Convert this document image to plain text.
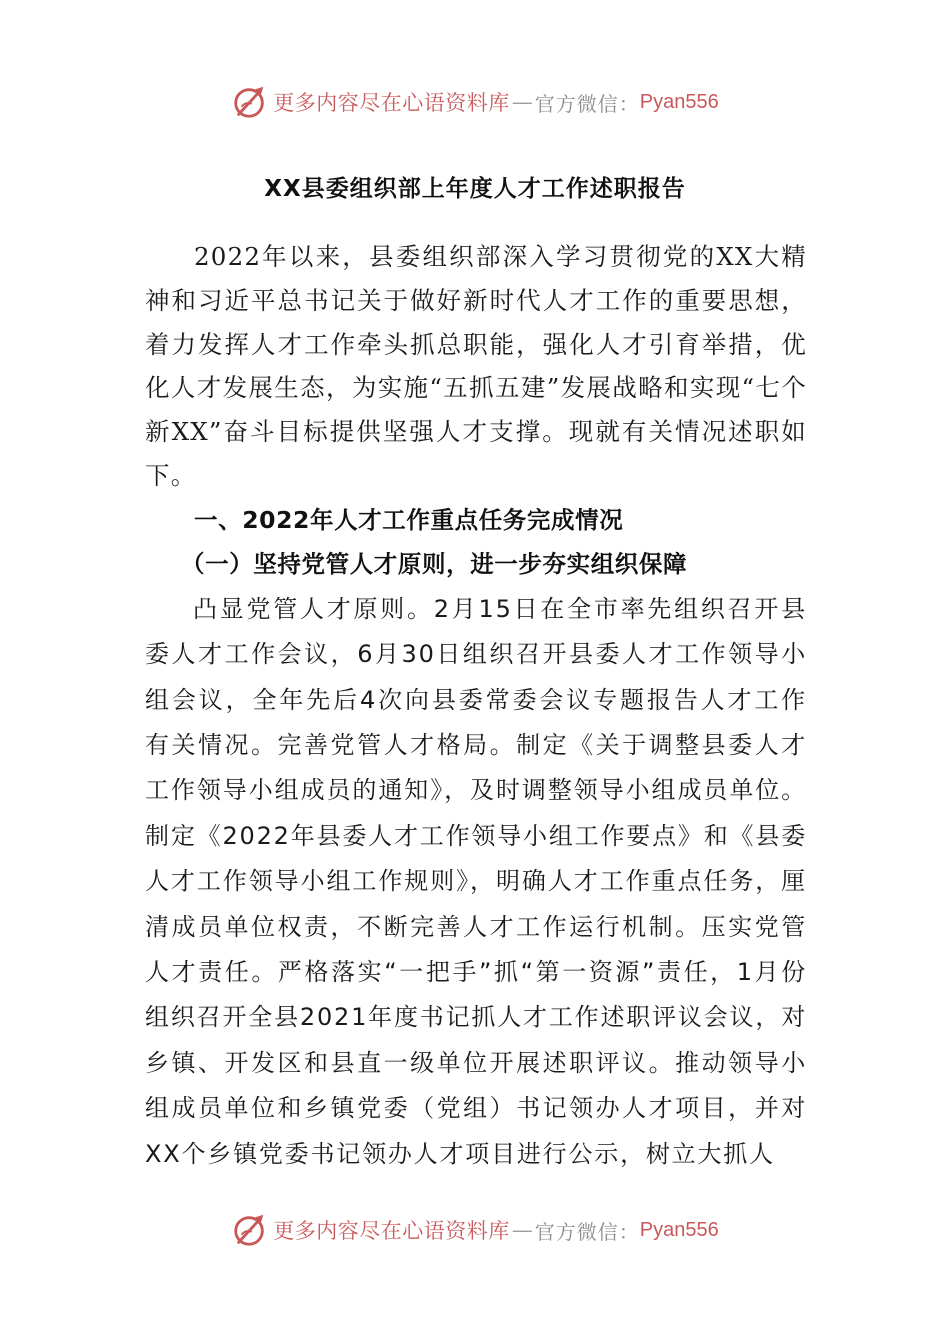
更多内容尽在心语资料库 — 官方微信： Pyan556
XX县委组织部上年度人才工作述职报告

2022年以来，县委组织部深入学习贯彻党的XX大精神和习近平总书记关于做好新时代人才工作的重要思想，着力发挥人才工作牵头抓总职能，强化人才引育举措，优化人才发展生态，为实施“五抓五建”发展战略和实现“七个新XX”奋斗目标提供坚强人才支撑。现就有关情况述职如下。

一、2022年人才工作重点任务完成情况
（一）坚持党管人才原则，进一步夯实组织保障

凸显党管人才原则。2月15日在全市率先组织召开县委人才工作会议，6月30日组织召开县委人才工作领导小组会议，全年先后4次向县委常委会议专题报告人才工作有关情况。完善党管人才格局。制定《关于调整县委人才工作领导小组成员的通知》，及时调整领导小组成员单位。制定《2022年县委人才工作领导小组工作要点》和《县委人才工作领导小组工作规则》，明确人才工作重点任务，厘清成员单位权责，不断完善人才工作运行机制。压实党管人才责任。严格落实“一把手”抓“第一资源”责任，1月份组织召开全县2021年度书记抓人才工作述职评议会议，对乡镇、开发区和县直一级单位开展述职评议。推动领导小组成员单位和乡镇党委（党组）书记领办人才项目，并对XX个乡镇党委书记领办人才项目进行公示，树立大抓人

更多内容尽在心语资料库 — 官方微信： Pyan556
